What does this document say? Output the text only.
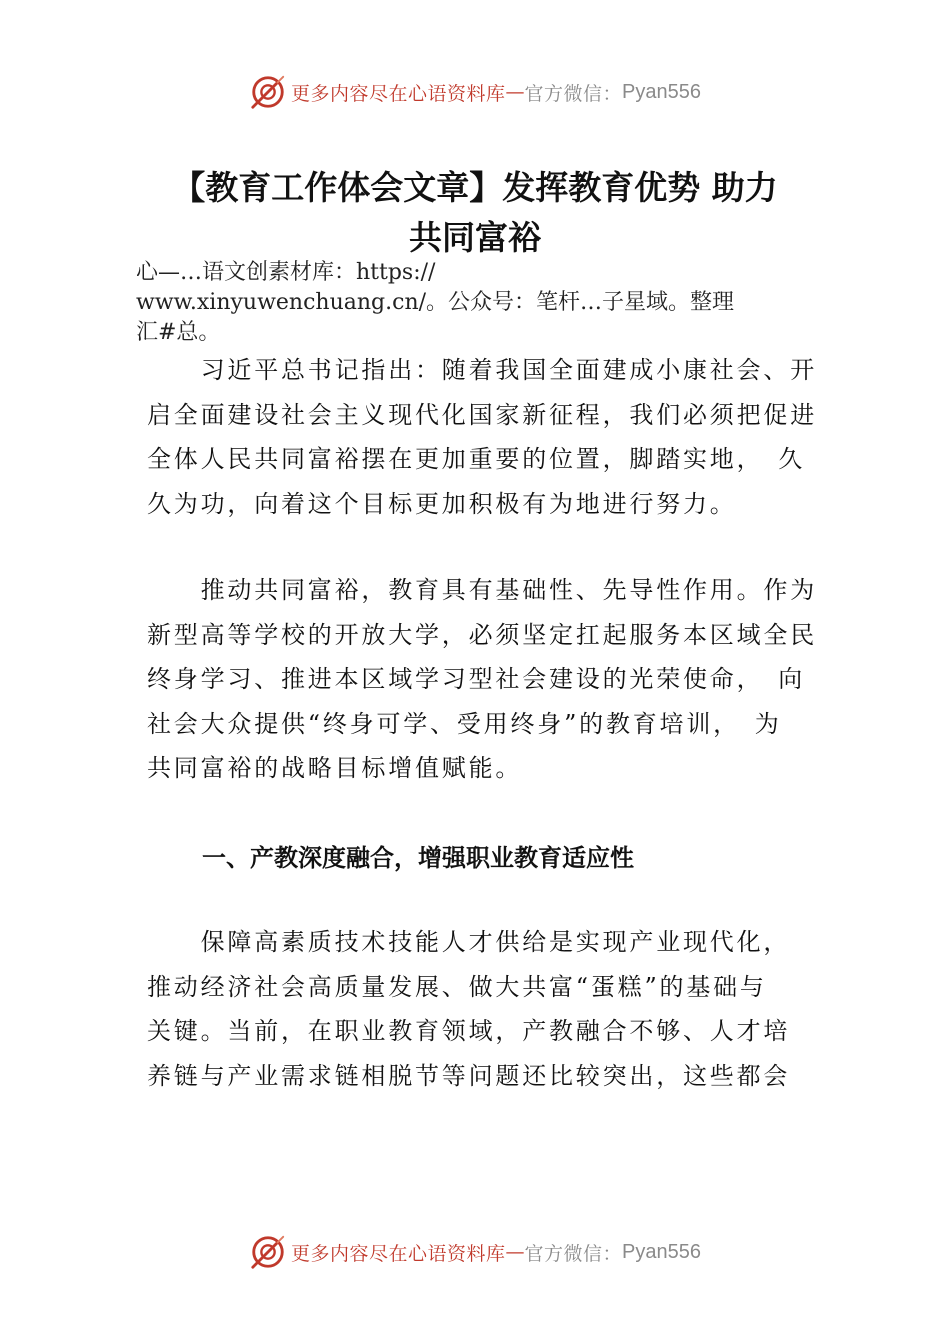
更多内容尽在心语资料库 — 官方微信： Pyan556
【教育工作体会文章】发挥教育优势 助力
共同富裕
心—…语文创素材库：https://
www.xinyuwenchuang.cn/。公众号：笔杆…子星域。整理
汇#总。
　　习近平总书记指出：随着我国全面建成小康社会、开
启全面建设社会主义现代化国家新征程，我们必须把促进
全体人民共同富裕摆在更加重要的位置，脚踏实地，　久
久为功，向着这个目标更加积极有为地进行努力。
　　推动共同富裕，教育具有基础性、先导性作用。作为
新型高等学校的开放大学，必须坚定扛起服务本区域全民
终身学习、推进本区域学习型社会建设的光荣使命，　向
社会大众提供“终身可学、受用终身”的教育培训，　为
共同富裕的战略目标增值赋能。
一、产教深度融合，增强职业教育适应性
　　保障高素质技术技能人才供给是实现产业现代化，
推动经济社会高质量发展、做大共富“蛋糕”的基础与
关键。当前，在职业教育领域，产教融合不够、人才培
养链与产业需求链相脱节等问题还比较突出，这些都会
更多内容尽在心语资料库 — 官方微信： Pyan556
